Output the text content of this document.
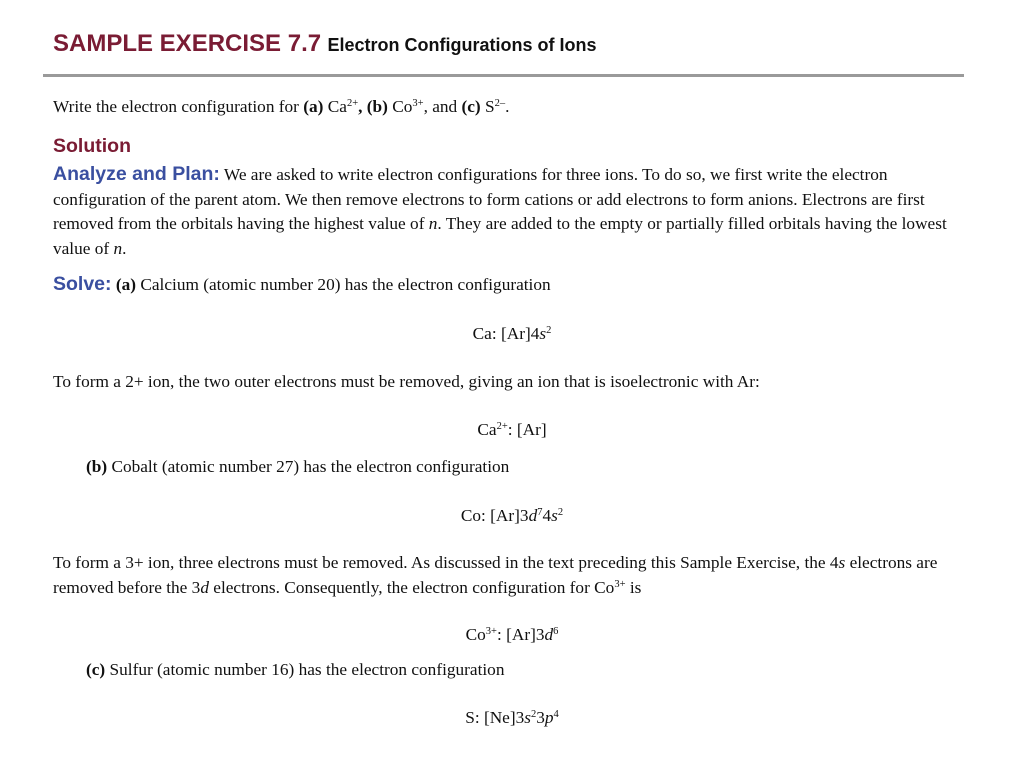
SAMPLE EXERCISE 7.7 Electron Configurations of Ions

Write the electron configuration for (a) $Ca^{2+}$, (b) $Co^{3+}$, and (c) $S^{2-}$.

Solution

Analyze and Plan: We are asked to write electron configurations for three ions. To do so, we first write the electron configuration of the parent atom. We then remove electrons to form cations or add electrons to form anions. Electrons are first removed from the orbitals having the highest value of n. They are added to the empty or partially filled orbitals having the lowest value of n.

Solve: (a) Calcium (atomic number 20) has the electron configuration

Ca: $[Ar]4s^2$

To form a 2+ ion, the two outer electrons must be removed, giving an ion that is isoelectronic with Ar:

$Ca^{2+}$: [Ar]

(b) Cobalt (atomic number 27) has the electron configuration

Co: $[Ar]3d^74s^2$

To form a 3+ ion, three electrons must be removed. As discussed in the text preceding this Sample Exercise, the 4s electrons are removed before the 3d electrons. Consequently, the electron configuration for $Co^{3+}$ is

$Co^{3+}$: $[Ar]3d^6$

(c) Sulfur (atomic number 16) has the electron configuration

S: $[Ne]3s^23p^4$
